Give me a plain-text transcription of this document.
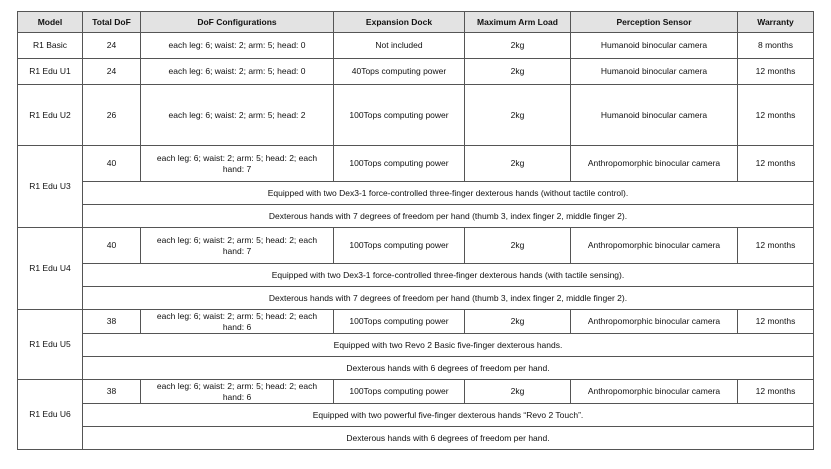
Model	Total DoF	DoF Configurations	Expansion Dock	Maximum Arm Load	Perception Sensor	Warranty
R1 Basic	24	each leg: 6; waist: 2; arm: 5; head: 0	Not included	2kg	Humanoid binocular camera	8 months
R1 Edu U1	24	each leg: 6; waist: 2; arm: 5; head: 0	40Tops computing power	2kg	Humanoid binocular camera	12 months
R1 Edu U2	26	each leg: 6; waist: 2; arm: 5; head: 2	100Tops computing power	2kg	Humanoid binocular camera	12 months
R1 Edu U3	40	each leg: 6; waist: 2; arm: 5; head: 2; each hand: 7	100Tops computing power	2kg	Anthropomorphic binocular camera	12 months
	Equipped with two Dex3-1 force-controlled three-finger dexterous hands (without tactile control).					
	Dexterous hands with 7 degrees of freedom per hand (thumb 3, index finger 2, middle finger 2).					
R1 Edu U4	40	each leg: 6; waist: 2; arm: 5; head: 2; each hand: 7	100Tops computing power	2kg	Anthropomorphic binocular camera	12 months
	Equipped with two Dex3-1 force-controlled three-finger dexterous hands (with tactile sensing).					
	Dexterous hands with 7 degrees of freedom per hand (thumb 3, index finger 2, middle finger 2).					
R1 Edu U5	38	each leg: 6; waist: 2; arm: 5; head: 2; each hand: 6	100Tops computing power	2kg	Anthropomorphic binocular camera	12 months
	Equipped with two Revo 2 Basic five-finger dexterous hands.					
	Dexterous hands with 6 degrees of freedom per hand.					
R1 Edu U6	38	each leg: 6; waist: 2; arm: 5; head: 2; each hand: 6	100Tops computing power	2kg	Anthropomorphic binocular camera	12 months
	Equipped with two powerful five-finger dexterous hands “Revo 2 Touch”.					
	Dexterous hands with 6 degrees of freedom per hand.					
